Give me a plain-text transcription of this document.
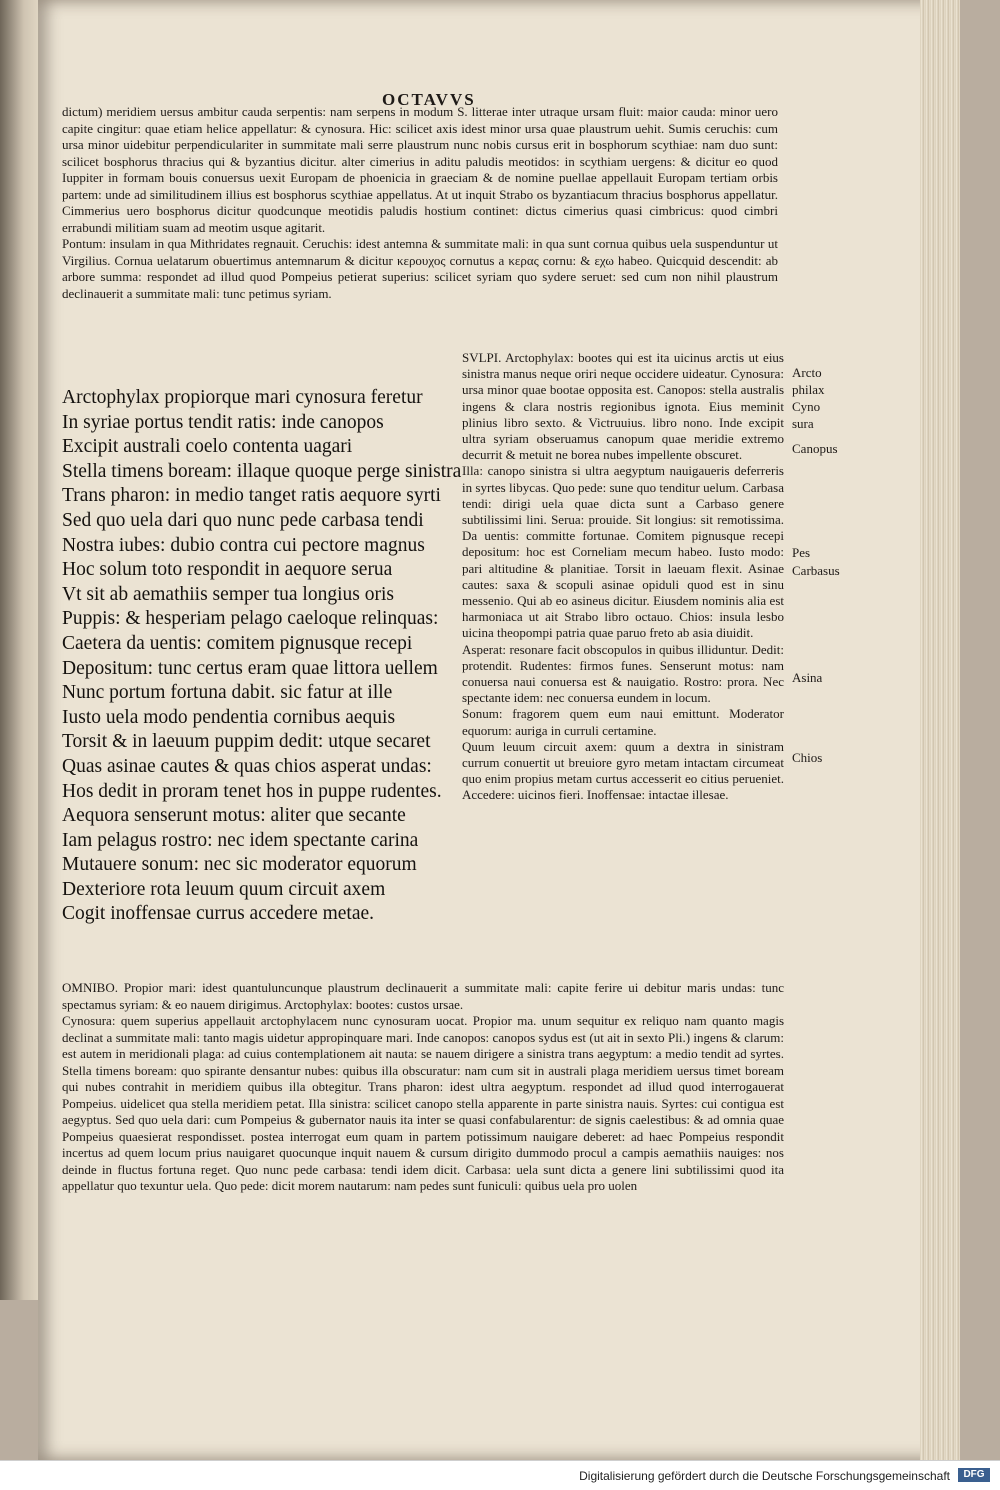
OCTAVVS

dictum) meridiem uersus ambitur cauda serpentis: nam serpens in modum S. litterae inter utraque ursam fluit: maior cauda: minor uero capite cingitur: quae etiam helice appellatur: & cynosura. Hic: scilicet axis idest minor ursa quae plaustrum uehit. Sumis ceruchis: cum ursa minor uidebitur perpendiculariter in summitate mali serre plaustrum nunc nobis cursus erit in bosphorum scythiae: nam duo sunt: scilicet bosphorus thracius qui & byzantius dicitur. alter cimerius in aditu paludis meotidos: in scythiam uergens: & dicitur eo quod Iuppiter in formam bouis conuersus uexit Europam de phoenicia in graeciam & de nomine puellae appellauit Europam tertiam orbis partem: unde ad similitudinem illius est bosphorus scythiae appellatus. At ut inquit Strabo os byzantiacum thracius bosphorus appellatur. Cimmerius uero bosphorus dicitur quodcunque meotidis paludis hostium continet: dictus cimerius quasi cimbricus: quod cimbri errabundi militiam suam ad meotim usque agitarit.

Pontum: insulam in qua Mithridates regnauit. Ceruchis: idest antemna & summitate mali: in qua sunt cornua quibus uela suspenduntur ut Virgilius. Cornua uelatarum obuertimus antemnarum & dicitur κερουχος cornutus a κερας cornu: & εχω habeo. Quicquid descendit: ab arbore summa: respondet ad illud quod Pompeius petierat superius: scilicet syriam quo sydere seruet: sed cum non nihil plaustrum declinauerit a summitate mali: tunc petimus syriam.

Arctophylax propiorque mari cynosura feretur
In syriae portus tendit ratis: inde canopos
Excipit australi coelo contenta uagari
Stella timens boream: illaque quoque perge sinistra
Trans pharon: in medio tanget ratis aequore syrti
Sed quo uela dari quo nunc pede carbasa tendi
Nostra iubes: dubio contra cui pectore magnus
Hoc solum toto respondit in aequore serua
Vt sit ab aemathiis semper tua longius oris
Puppis: & hesperiam pelago caeloque relinquas:
Caetera da uentis: comitem pignusque recepi
Depositum: tunc certus eram quae littora uellem
Nunc portum fortuna dabit. sic fatur at ille
Iusto uela modo pendentia cornibus aequis
Torsit & in laeuum puppim dedit: utque secaret
Quas asinae cautes & quas chios asperat undas:
Hos dedit in proram tenet hos in puppe rudentes.
Aequora senserunt motus: aliter que secante
Iam pelagus rostro: nec idem spectante carina
Mutauere sonum: nec sic moderator equorum
Dexteriore rota leuum quum circuit axem
Cogit inoffensae currus accedere metae.

SVLPI. Arctophylax: bootes qui est ita uicinus arctis ut eius sinistra manus neque oriri neque occidere uideatur. Cynosura: ursa minor quae bootae opposita est. Canopos: stella australis ingens & clara nostris regionibus ignota. Eius meminit plinius libro sexto. & Victruuius. libro nono. Inde excipit ultra syriam obseruamus canopum quae meridie extremo decurrit & metuit ne borea nubes impellente obscuret.

Illa: canopo sinistra si ultra aegyptum nauigaueris deferreris in syrtes libycas. Quo pede: sune quo tenditur uelum. Carbasa tendi: dirigi uela quae dicta sunt a Carbaso genere subtilissimi lini. Serua: prouide. Sit longius: sit remotissima. Da uentis: committe fortunae. Comitem pignusque recepi depositum: hoc est Corneliam mecum habeo. Iusto modo: pari altitudine & planitiae. Torsit in laeuam flexit. Asinae cautes: saxa & scopuli asinae opiduli quod est in sinu messenio. Qui ab eo asineus dicitur. Eiusdem nominis alia est harmoniaca ut ait Strabo libro octauo. Chios: insula lesbo uicina theopompi patria quae paruo freto ab asia diuidit.

Asperat: resonare facit obscopulos in quibus illiduntur. Dedit: protendit. Rudentes: firmos funes. Senserunt motus: nam conuersa naui conuersa est & nauigatio. Rostro: prora. Nec spectante idem: nec conuersa eundem in locum.

Sonum: fragorem quem eum naui emittunt. Moderator equorum: auriga in curruli certamine.

Quum leuum circuit axem: quum a dextra in sinistram currum conuertit ut breuiore gyro metam intactam circumeat quo enim propius metam curtus accesserit eo citius perueniet. Accedere: uicinos fieri. Inoffensae: intactae illesae.

Arcto
philax
Cyno
sura
Canopus
Pes
Carbasus
Asina
Chios

OMNIBO. Propior mari: idest quantuluncunque plaustrum declinauerit a summitate mali: capite ferire ui debitur maris undas: tunc spectamus syriam: & eo nauem dirigimus. Arctophylax: bootes: custos ursae.

Cynosura: quem superius appellauit arctophylacem nunc cynosuram uocat. Propior ma. unum sequitur ex reliquo nam quanto magis declinat a summitate mali: tanto magis uidetur appropinquare mari. Inde canopos: canopos sydus est (ut ait in sexto Pli.) ingens & clarum: est autem in meridionali plaga: ad cuius contemplationem ait nauta: se nauem dirigere a sinistra trans aegyptum: a medio tendit ad syrtes. Stella timens boream: quo spirante densantur nubes: quibus illa obscuratur: nam cum sit in australi plaga meridiem uersus timet boream qui nubes contrahit in meridiem quibus illa obtegitur. Trans pharon: idest ultra aegyptum. respondet ad illud quod interrogauerat Pompeius. uidelicet qua stella meridiem petat. Illa sinistra: scilicet canopo stella apparente in parte sinistra nauis. Syrtes: cui contigua est aegyptus. Sed quo uela dari: cum Pompeius & gubernator nauis ita inter se quasi confabularentur: de signis caelestibus: & ad omnia quae Pompeius quaesierat respondisset. postea interrogat eum quam in partem potissimum nauigare deberet: ad haec Pompeius respondit incertus ad quem locum prius nauigaret quocunque inquit nauem & cursum dirigito dummodo procul a campis aemathiis nauiges: nos deinde in fluctus fortuna reget. Quo nunc pede carbasa: tendi idem dicit. Carbasa: uela sunt dicta a genere lini subtilissimi quod ita appellatur quo texuntur uela. Quo pede: dicit morem nautarum: nam pedes sunt funiculi: quibus uela pro uolen

Digitalisierung gefördert durch die Deutsche Forschungsgemeinschaft	DFG
